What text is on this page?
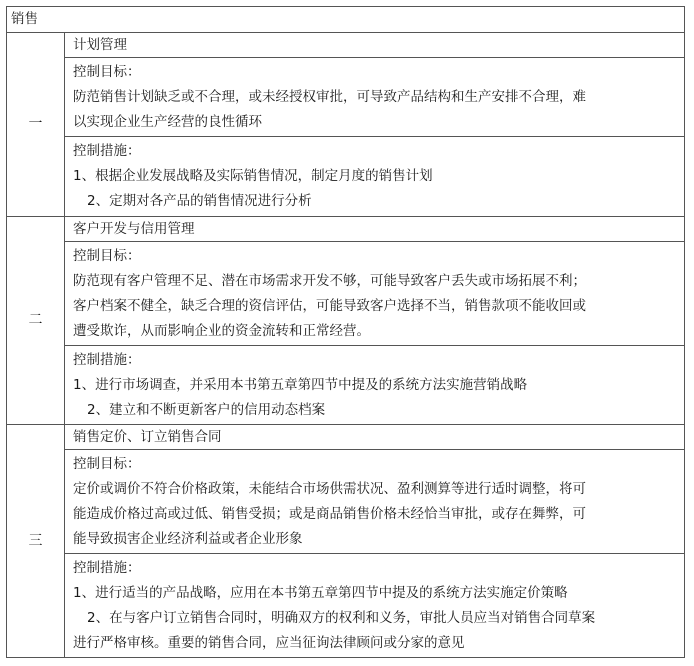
销售	
一	计划管理

	控制目标：
防范销售计划缺乏或不合理，或未经授权审批，可导致产品结构和生产安排不合理，难
以实现企业生产经营的良性循环

	控制措施：
1、根据企业发展战略及实际销售情况，制定月度的销售计划
2、定期对各产品的销售情况进行分析

二	客户开发与信用管理

	控制目标：
防范现有客户管理不足、潜在市场需求开发不够，可能导致客户丢失或市场拓展不利；
客户档案不健全，缺乏合理的资信评估，可能导致客户选择不当，销售款项不能收回或
遭受欺诈，从而影响企业的资金流转和正常经营。

	控制措施：
1、进行市场调查，并采用本书第五章第四节中提及的系统方法实施营销战略
2、建立和不断更新客户的信用动态档案

三	销售定价、订立销售合同

	控制目标：
定价或调价不符合价格政策，未能结合市场供需状况、盈利测算等进行适时调整，将可
能造成价格过高或过低、销售受损；或是商品销售价格未经恰当审批，或存在舞弊，可
能导致损害企业经济利益或者企业形象

	控制措施：
1、进行适当的产品战略，应用在本书第五章第四节中提及的系统方法实施定价策略
2、在与客户订立销售合同时，明确双方的权利和义务，审批人员应当对销售合同草案
进行严格审核。重要的销售合同，应当征询法律顾问或分家的意见
